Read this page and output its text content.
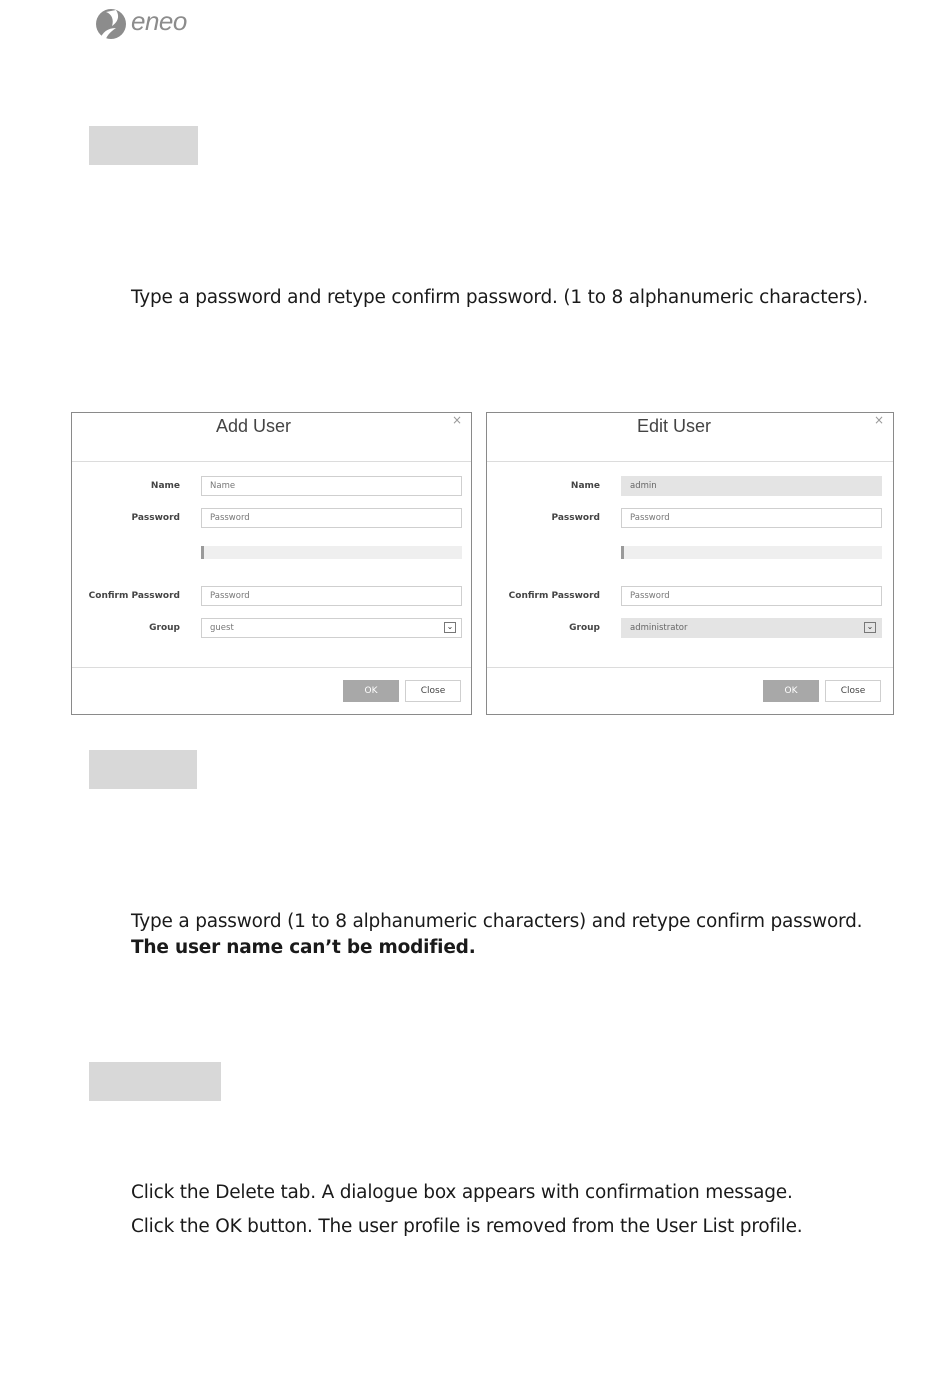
eneo
Type a password and retype confirm password. (1 to 8 alphanumeric characters).
Add User	×
Name	Name
Password	Password
Confirm Password	Password
Group	guest	⌄
OK	Close
Edit User	×
Name	admin
Password	Password
Confirm Password	Password
Group	administrator	⌄
OK	Close
Type a password (1 to 8 alphanumeric characters) and retype confirm password.
The user name can’t be modified.
Click the Delete tab. A dialogue box appears with confirmation message.
Click the OK button. The user profile is removed from the User List profile.
